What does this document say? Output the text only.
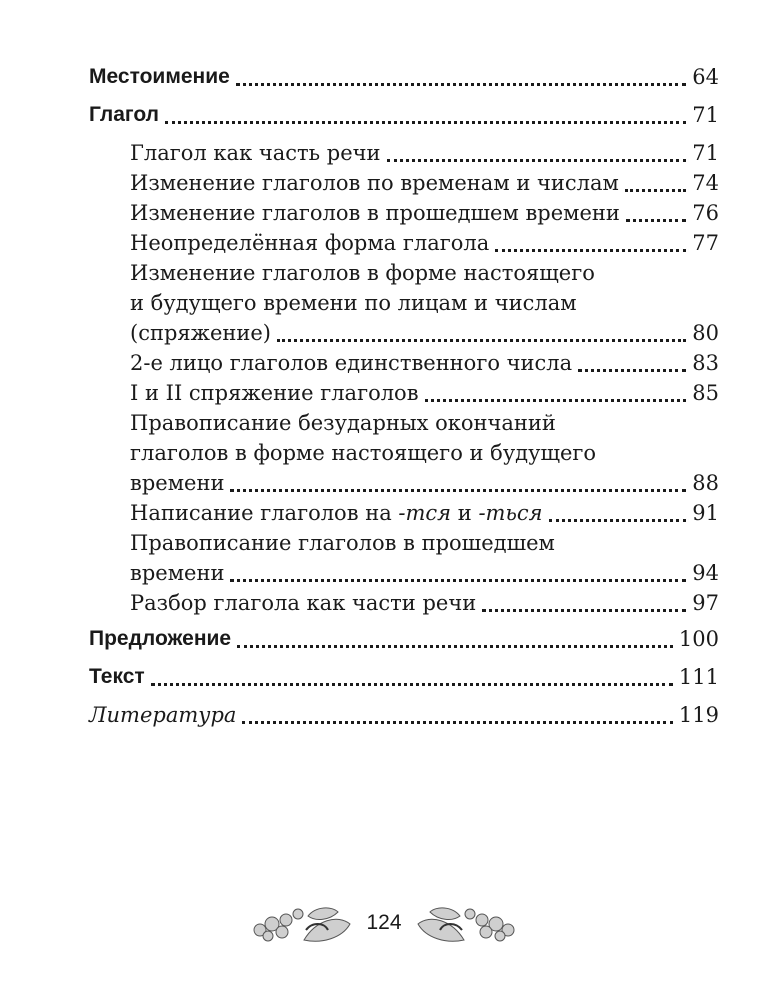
Местоимение	64
Глагол	71
Глагол как часть речи	71
Изменение глаголов по временам и числам	74
Изменение глаголов в прошедшем времени	76
Неопределённая форма глагола	77
Изменение глаголов в форме настоящего
и будущего времени по лицам и числам
(спряжение)	80
2-е лицо глаголов единственного числа	83
I и II спряжение глаголов	85
Правописание безударных окончаний
глаголов в форме настоящего и будущего
времени	88
Написание глаголов на -тся и -ться	91
Правописание глаголов в прошедшем
времени	94
Разбор глагола как части речи	97
Предложение	100
Текст	111
Литература	119
124
